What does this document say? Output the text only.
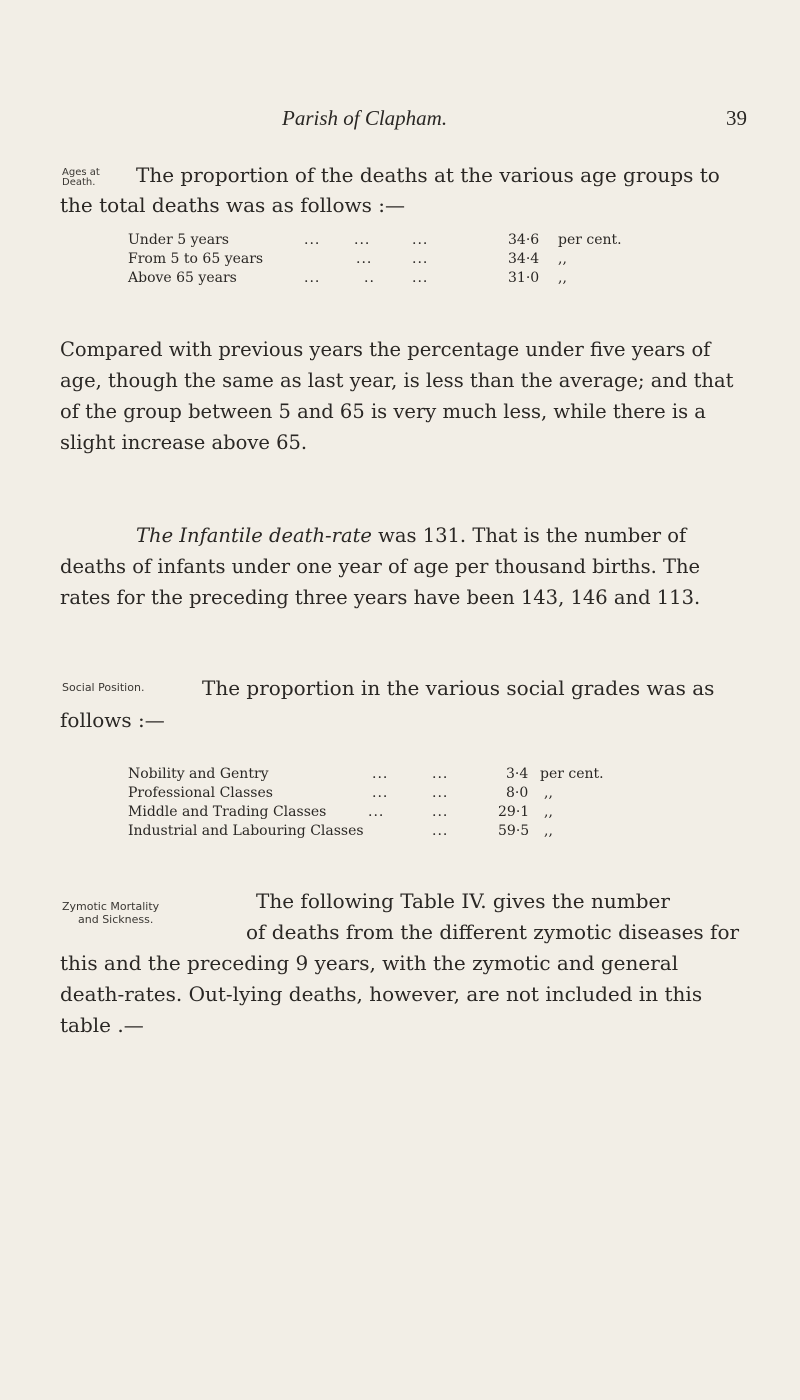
Parish of Clapham.	39
Ages at
Death.	The proportion of the deaths at the various age groups to the total deaths was as follows :—

Under 5 years	... ...	...	34·6 per cent.
From 5 to 65 years	...	...	34·4 ,,
Above 65 years	...	..	...	31·0 ,,

Compared with previous years the percentage under five years of age, though the same as last year, is less than the average; and that of the group between 5 and 65 is very much less, while there is a slight increase above 65.

The Infantile death-rate was 131. That is the number of deaths of infants under one year of age per thousand births. The rates for the preceding three years have been 143, 146 and 113.

Social Position.	The proportion in the various social grades was as follows :—

Nobility and Gentry	...	...	3·4 per cent.
Professional Classes	...	...	8·0 ,,
Middle and Trading Classes	...	...	29·1 ,,
Industrial and Labouring Classes	...	59·5 ,,
Zymotic Mortality
and Sickness.

The following Table IV. gives the number
of deaths from the different zymotic diseases for this and the preceding 9 years, with the zymotic and general death-rates. Out-lying deaths, however, are not included in this table .—
